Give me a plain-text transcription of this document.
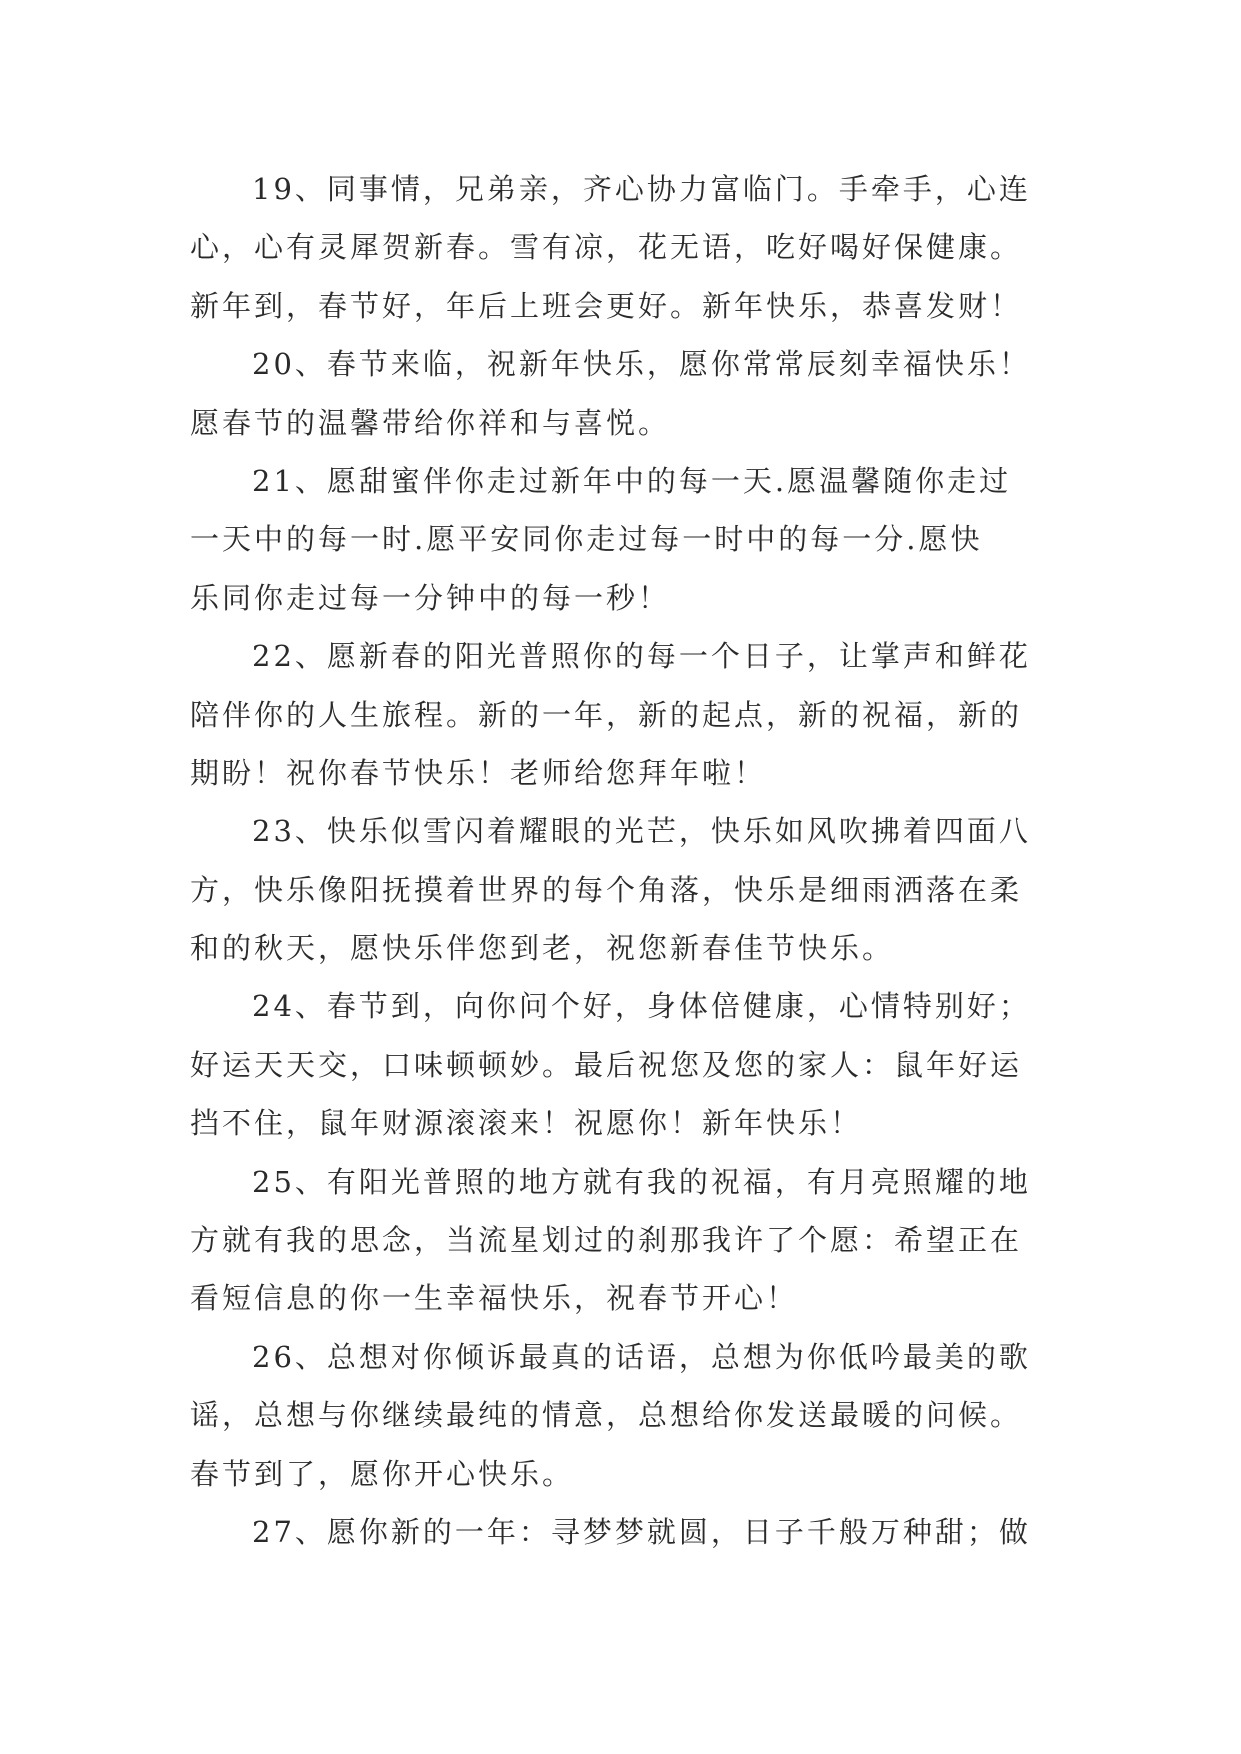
19、同事情，兄弟亲，齐心协力富临门。手牵手，心连
心，心有灵犀贺新春。雪有凉，花无语，吃好喝好保健康。
新年到，春节好，年后上班会更好。新年快乐，恭喜发财！
20、春节来临，祝新年快乐，愿你常常辰刻幸福快乐！
愿春节的温馨带给你祥和与喜悦。
21、愿甜蜜伴你走过新年中的每一天.愿温馨随你走过
一天中的每一时.愿平安同你走过每一时中的每一分.愿快
乐同你走过每一分钟中的每一秒！
22、愿新春的阳光普照你的每一个日子，让掌声和鲜花
陪伴你的人生旅程。新的一年，新的起点，新的祝福，新的
期盼！祝你春节快乐！老师给您拜年啦！
23、快乐似雪闪着耀眼的光芒，快乐如风吹拂着四面八
方，快乐像阳抚摸着世界的每个角落，快乐是细雨洒落在柔
和的秋天，愿快乐伴您到老，祝您新春佳节快乐。
24、春节到，向你问个好，身体倍健康，心情特别好；
好运天天交，口味顿顿妙。最后祝您及您的家人：鼠年好运
挡不住，鼠年财源滚滚来！祝愿你！新年快乐！
25、有阳光普照的地方就有我的祝福，有月亮照耀的地
方就有我的思念，当流星划过的刹那我许了个愿：希望正在
看短信息的你一生幸福快乐，祝春节开心！
26、总想对你倾诉最真的话语，总想为你低吟最美的歌
谣，总想与你继续最纯的情意，总想给你发送最暖的问候。
春节到了，愿你开心快乐。
27、愿你新的一年：寻梦梦就圆，日子千般万种甜；做
